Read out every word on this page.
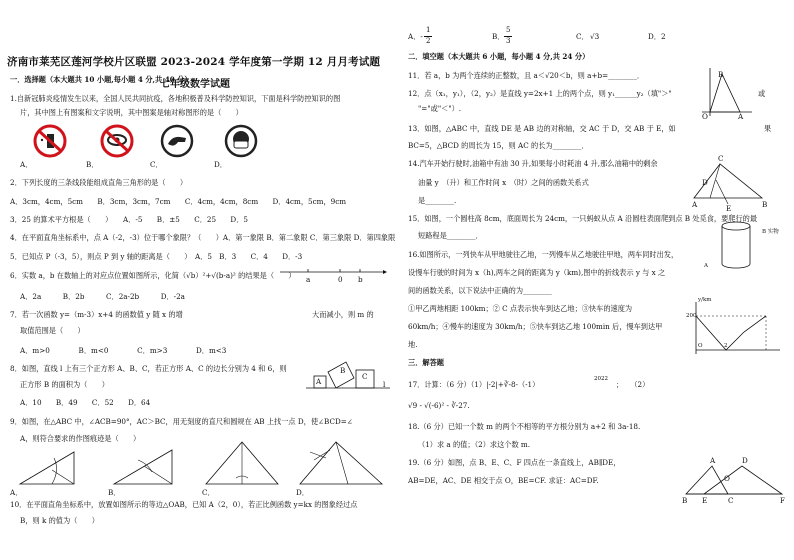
济南市莱芜区莲河学校片区联盟 2023-2024 学年度第一学期 12 月月考试题
七年级数学试题
一．选择题（本大题共 10 小题,每小题 4 分,共 40 分）
1.自新冠肺炎疫情发生以来，全国人民共同抗疫，各地积极普及科学防控知识，下面是科学防控知识的图
片，其中图上有图案和文字说明，其中图案是轴对称图形的是（　　）
A．	B．	C．	D．
2．下列长度的三条线段能组成直角三角形的是（　　）
A．3cm，4cm，5cm　　B．3cm，3cm，7cm　　C．4cm，4cm，8cm　　D．4cm，5cm，9cm
3．25 的算术平方根是（　　）　　A．-5　　B．±5　　C．25　　D．5
4．在平面直角坐标系中，点 A（-2，-3）位于哪个象限？（　　）A．第一象限 B．第二象限 C．第三象限 D．第四象限
5．已知点 P（-3，5），则点 P 到 y 轴的距离是（　　）　A．5　B．3　　C．4　　D．-3
6．实数 a，b 在数轴上的对应点位置如图所示，化简（√b）²+√(b-a)² 的结果是（　　） a	0 b
A．2a　　　B．2b　　　C．2a-2b　　　D．-2a
7．若一次函数 y=（m-3）x+4 的函数值 y 随 x 的增	大而减小，则 m 的
取值范围是（　　）
A．m>0　　　　B．m<0　　　　C．m>3　　　　D．m<3
8．如图，直线 l 上有三个正方形 A、B、C，若正方形 A、C 的边长分别为 4 和 6，则
正方形 B 的面积为（　　）
A．10　　B．49　　C．52　　D．64
A
B
C
l
9．如图，在△ABC 中，∠ACB=90°，AC＞BC，用无刻度的直尺和圆规在 AB 上找一点 D，使∠BCD=∠
A，则符合要求的作图痕迹是（　　）
A．	B．	C．	D．
10．在平面直角坐标系中，放置如图所示的等边△OAB，已知 A（2，0），若正比例函数 y=kx 的图象经过点
B，则 k 的值为（　　）
A．-
1
2	B．
5
3	C． √3	D．2
二．填空题（本大题共 6 小题，每小题 4 分,共 24 分）
11．若 a，b 为两个连续的正整数，且 a＜√20＜b，则 a+b=________．
12．点（x₁，y₁），（2，y₂）是直线 y=2x+1 上的两个点，则 y₁______y₂（填"＞"	或
"="或"＜"）.
O	A
B
13．如图，△ABC 中，直线 DE 是 AB 边的对称轴，交 AC 于 D，交 AB 于 E，如	果
BC=5，△BCD 的周长为 15，则 AC 的长为________．
14.汽车开始行驶时,油箱中有油 30 升,如果每小时耗油 4 升,那么油箱中的剩余
油量 y　（升）和工作时间 x　（时）之间的函数关系式
是________.	A	B
C
D
E
15．如图，一个圆柱高 8cm，底面周长为 24cm，一只蚂蚁从点 A 沿圆柱表面爬到点 B 处觅食，要爬行的最
短路程是________．	B 实物
A
16.如图所示，一列快车从甲地驶往乙地，一列慢车从乙地驶往甲地，两车同时出发，
设慢车行驶的时间为 x（h),两车之间的距离为 y（km),图中的折线表示 y 与 x 之
间的函数关系，以下说法中正确的为________
①甲乙两地相距 100km；② C 点表示快车到达乙地；③快车的速度为
60km/h；④慢车的速度为 30km/h；⑤快车到达乙地 100min 后，慢车到达甲
地.
y/km
200
O	2
三．解答题
17．计算：（6 分）（1）|-2|+∛-8-（-1）
2022
；　　（2）
√9 - √(-6)² - ∛-27.
18.（6 分）已知一个数 m 的两个不相等的平方根分别为 a+2 和 3a-18.
（1）求 a 的值；（2）求这个数 m.
19.（6 分）如图，点 B、E、C、F 四点在一条直线上，AB∥DE，
AB=DE，AC、DE 相交于点 O，BE=CF. 求证：AC=DF.
A	D
O
B E	C	F
